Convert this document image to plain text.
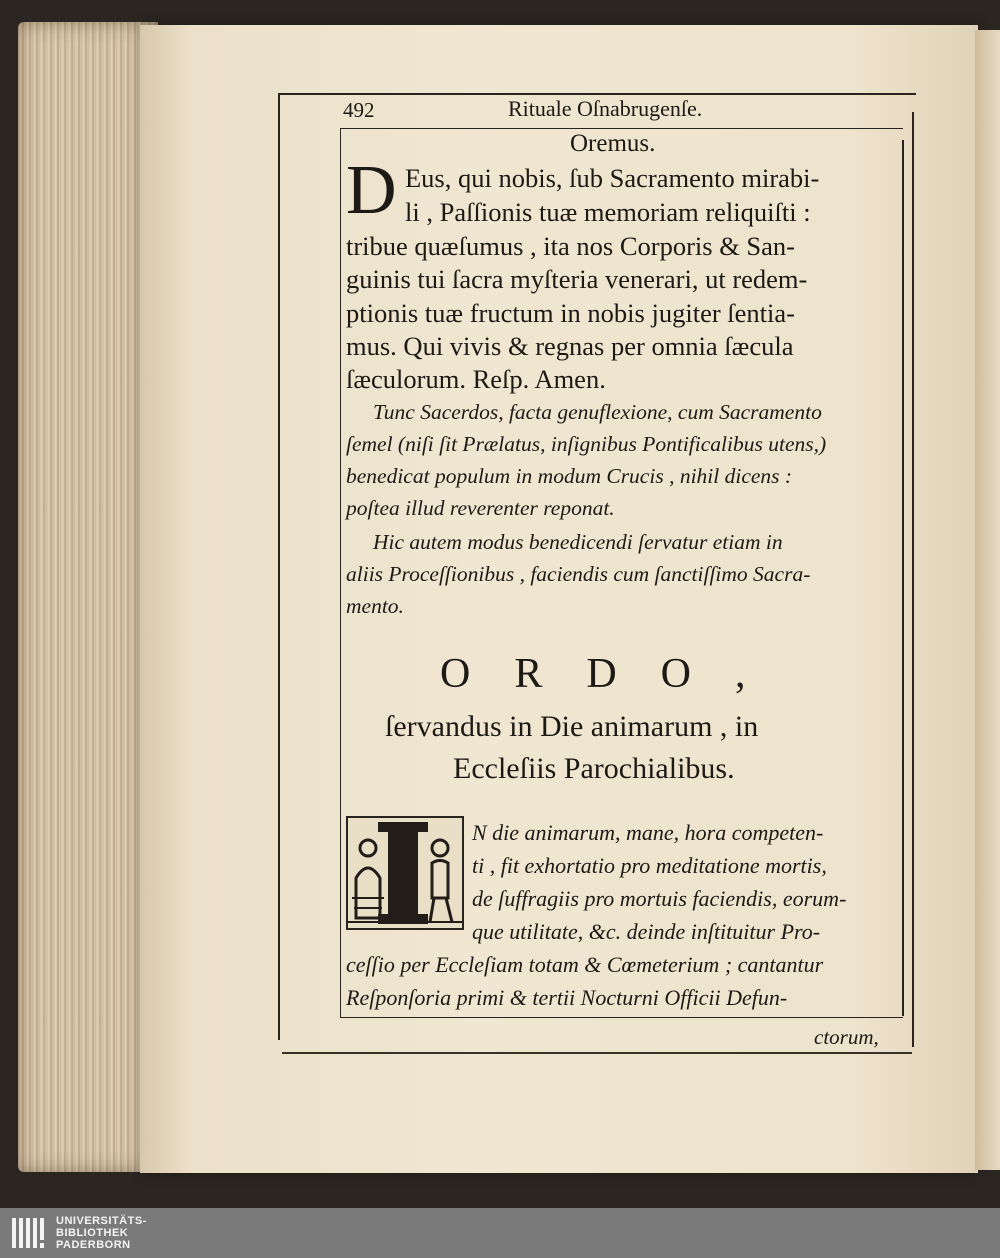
492	Rituale Oſnabrugenſe.
Oremus.
D Eus, qui nobis, ſub Sacramento mirabi-
li , Paſſionis tuæ memoriam reliquiſti :
tribue quæſumus , ita nos Corporis & San-
guinis tui ſacra myſteria venerari, ut redem-
ptionis tuæ fructum in nobis jugiter ſentia-
mus. Qui vivis & regnas per omnia ſæcula
ſæculorum. Reſp. Amen.
Tunc Sacerdos, facta genuflexione, cum Sacramento
ſemel (niſi ſit Prælatus, inſignibus Pontificalibus utens,)
benedicat populum in modum Crucis , nihil dicens :
poſtea illud reverenter reponat.
Hic autem modus benedicendi ſervatur etiam in
aliis Proceſſionibus , faciendis cum ſanctiſſimo Sacra-
mento.
ORDO,
ſervandus in Die animarum , in
Eccleſiis Parochialibus.
N die animarum, mane, hora competen-
ti , fit exhortatio pro meditatione mortis,
de ſuffragiis pro mortuis faciendis, eorum-
que utilitate, &c. deinde inſtituitur Pro-
ceſſio per Eccleſiam totam & Cœmeterium ; cantantur
Reſponſoria primi & tertii Nocturni Officii Defun-
ctorum,
UNIVERSITÄTS-
BIBLIOTHEK
PADERBORN
